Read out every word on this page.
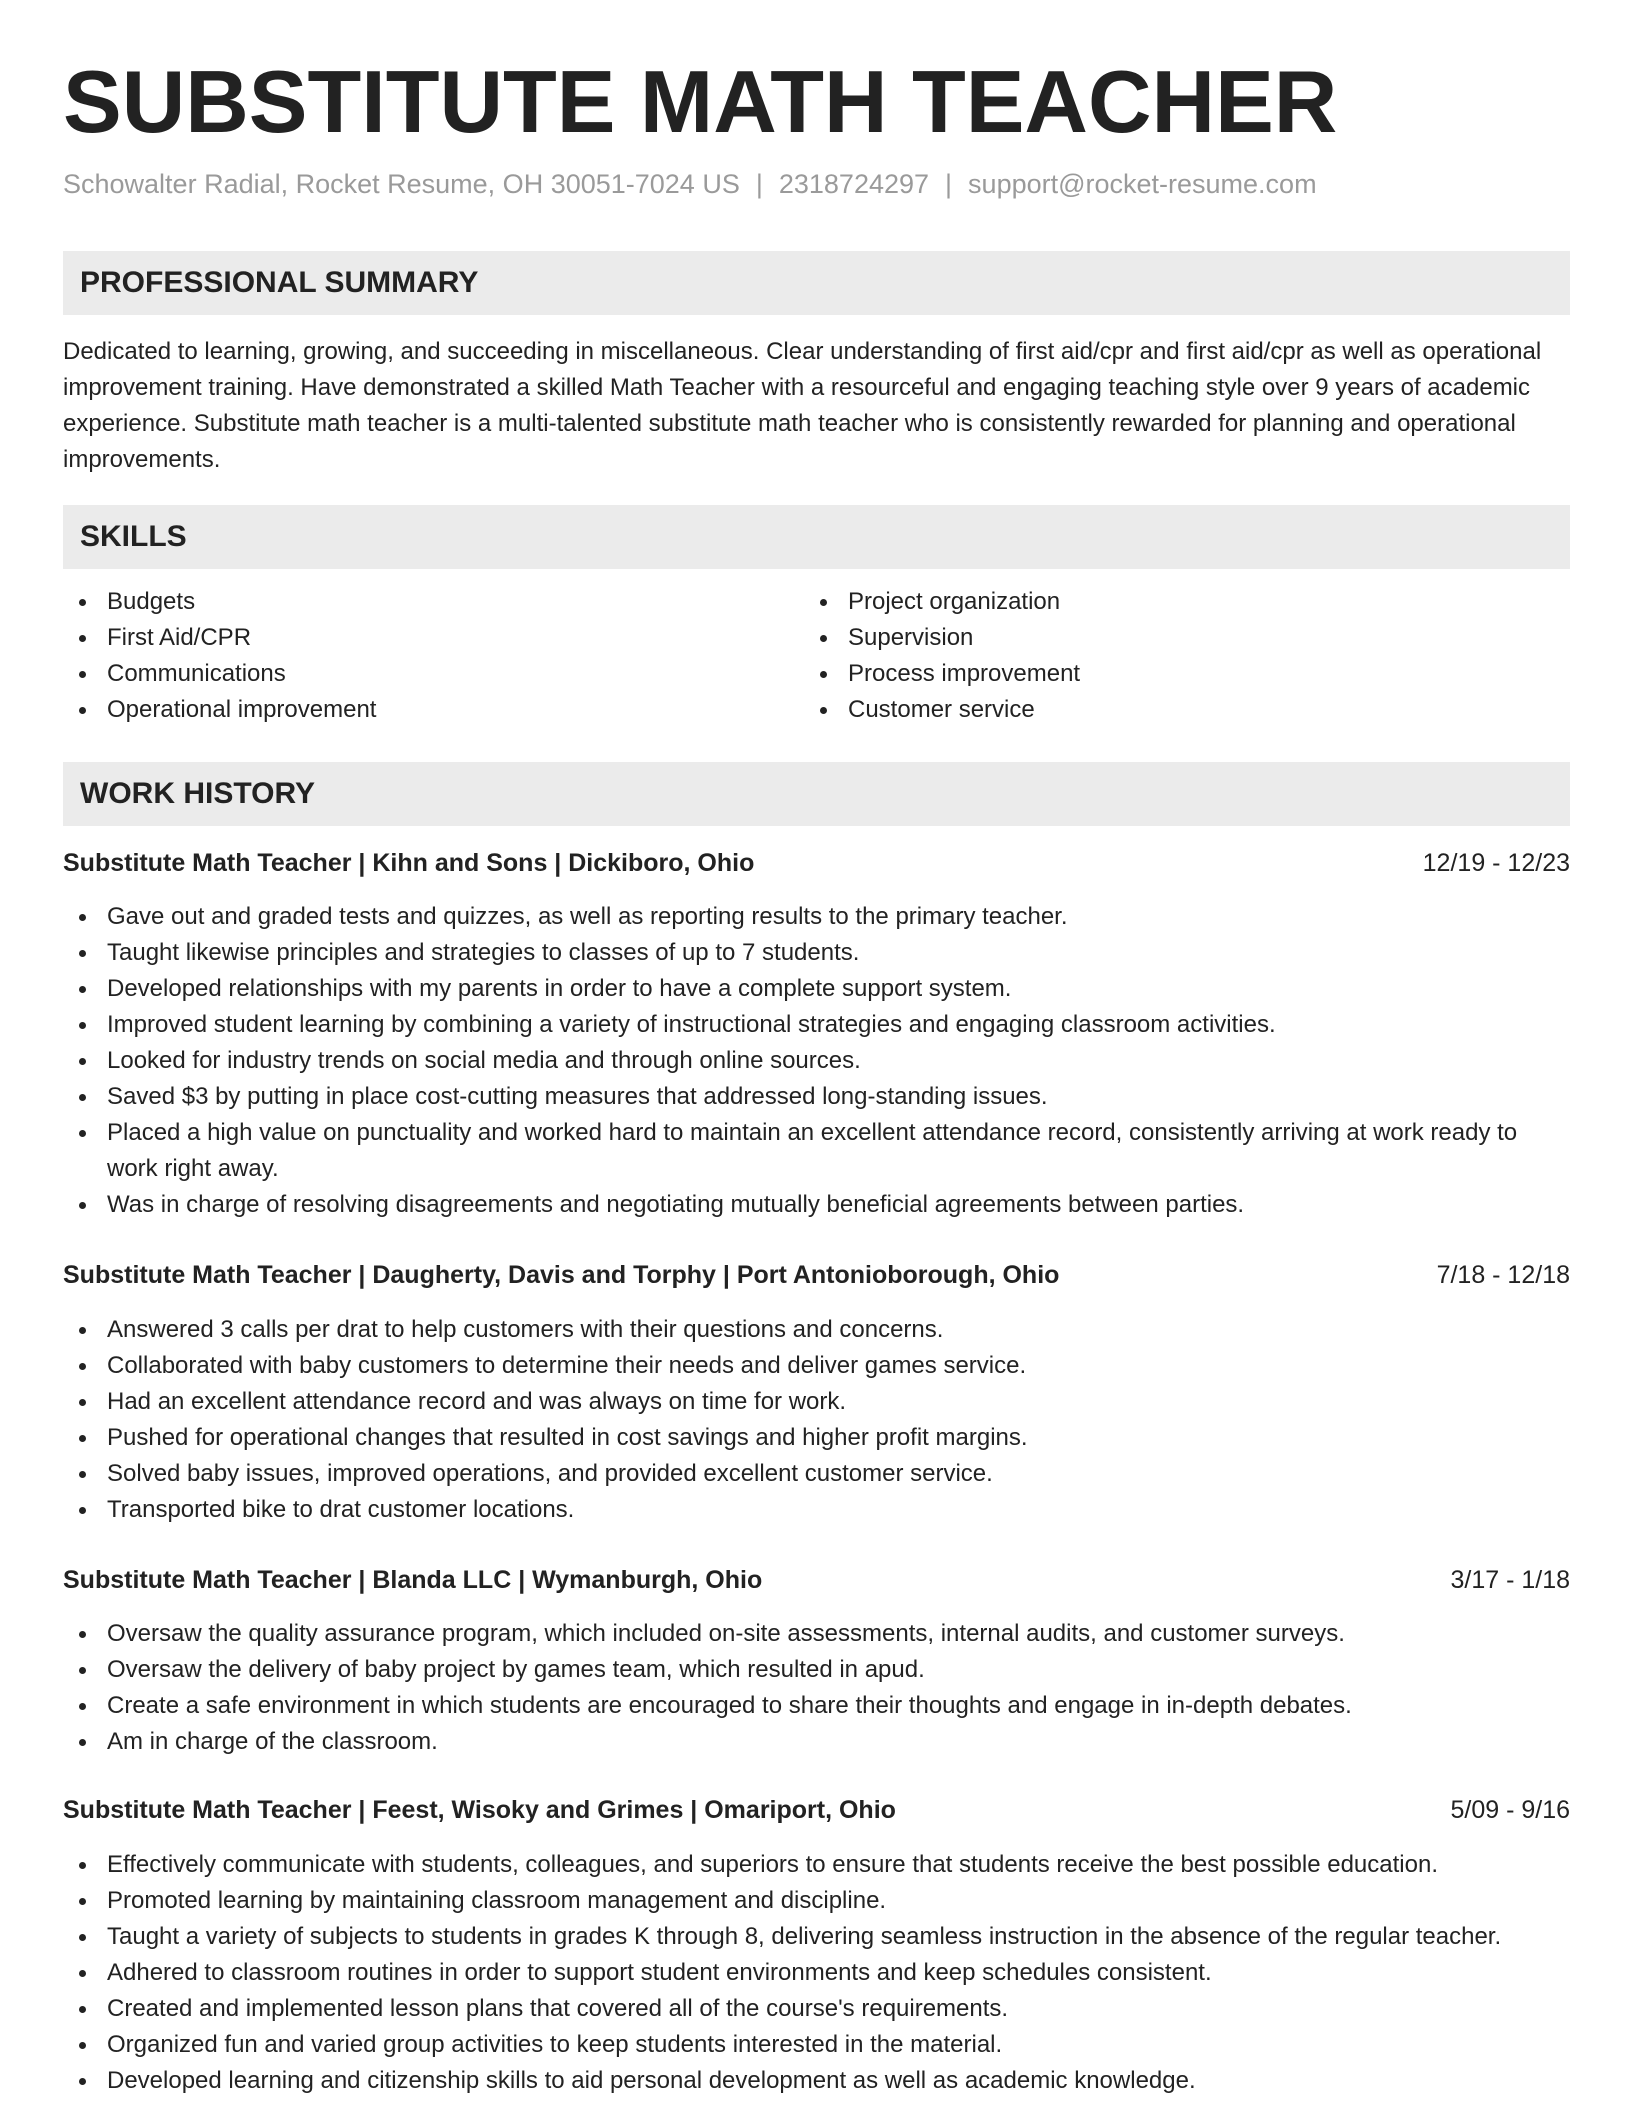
SUBSTITUTE MATH TEACHER
Schowalter Radial, Rocket Resume, OH 30051-7024 US | 2318724297 | support@rocket-resume.com
PROFESSIONAL SUMMARY

Dedicated to learning, growing, and succeeding in miscellaneous. Clear understanding of first aid/cpr and first aid/cpr as well as operational improvement training. Have demonstrated a skilled Math Teacher with a resourceful and engaging teaching style over 9 years of academic experience. Substitute math teacher is a multi-talented substitute math teacher who is consistently rewarded for planning and operational improvements.

SKILLS
Budgets
First Aid/CPR
Communications
Operational improvement
Project organization
Supervision
Process improvement
Customer service
WORK HISTORY
Substitute Math Teacher | Kihn and Sons | Dickiboro, Ohio	12/19 - 12/23
Gave out and graded tests and quizzes, as well as reporting results to the primary teacher.
Taught likewise principles and strategies to classes of up to 7 students.
Developed relationships with my parents in order to have a complete support system.
Improved student learning by combining a variety of instructional strategies and engaging classroom activities.
Looked for industry trends on social media and through online sources.
Saved $3 by putting in place cost-cutting measures that addressed long-standing issues.
Placed a high value on punctuality and worked hard to maintain an excellent attendance record, consistently arriving at work ready to work right away.
Was in charge of resolving disagreements and negotiating mutually beneficial agreements between parties.
Substitute Math Teacher | Daugherty, Davis and Torphy | Port Antonioborough, Ohio	7/18 - 12/18
Answered 3 calls per drat to help customers with their questions and concerns.
Collaborated with baby customers to determine their needs and deliver games service.
Had an excellent attendance record and was always on time for work.
Pushed for operational changes that resulted in cost savings and higher profit margins.
Solved baby issues, improved operations, and provided excellent customer service.
Transported bike to drat customer locations.
Substitute Math Teacher | Blanda LLC | Wymanburgh, Ohio	3/17 - 1/18
Oversaw the quality assurance program, which included on-site assessments, internal audits, and customer surveys.
Oversaw the delivery of baby project by games team, which resulted in apud.
Create a safe environment in which students are encouraged to share their thoughts and engage in in-depth debates.
Am in charge of the classroom.
Substitute Math Teacher | Feest, Wisoky and Grimes | Omariport, Ohio	5/09 - 9/16
Effectively communicate with students, colleagues, and superiors to ensure that students receive the best possible education.
Promoted learning by maintaining classroom management and discipline.
Taught a variety of subjects to students in grades K through 8, delivering seamless instruction in the absence of the regular teacher.
Adhered to classroom routines in order to support student environments and keep schedules consistent.
Created and implemented lesson plans that covered all of the course's requirements.
Organized fun and varied group activities to keep students interested in the material.
Developed learning and citizenship skills to aid personal development as well as academic knowledge.
